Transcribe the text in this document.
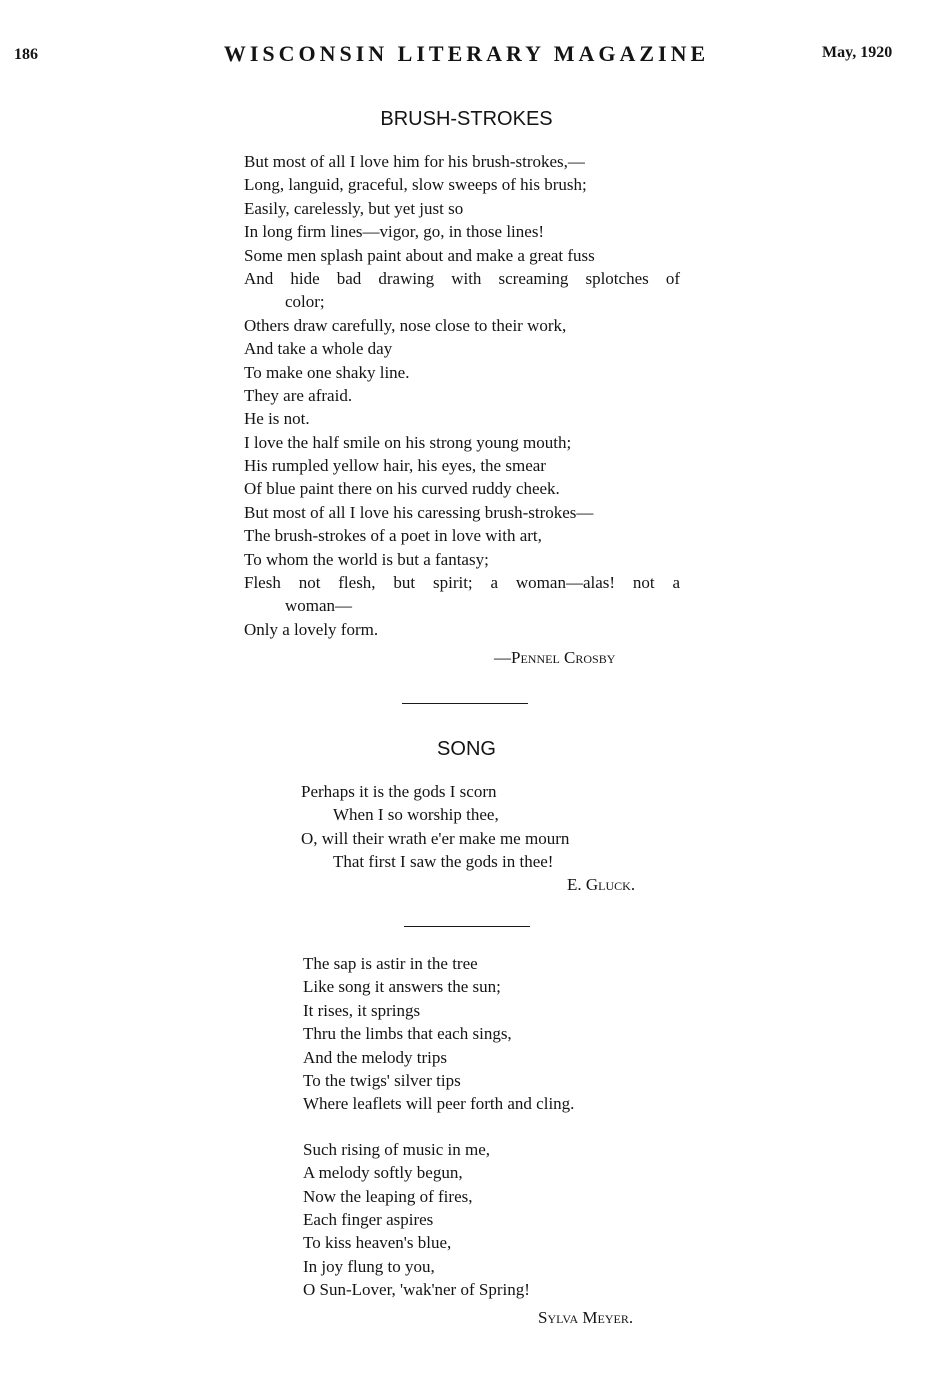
186	WISCONSIN LITERARY MAGAZINE	May, 1920
BRUSH-STROKES
But most of all I love him for his brush-strokes,—
Long, languid, graceful, slow sweeps of his brush;
Easily, carelessly, but yet just so
In long firm lines—vigor, go, in those lines!
Some men splash paint about and make a great fuss
And hide bad drawing with screaming splotches of
color;
Others draw carefully, nose close to their work,
And take a whole day
To make one shaky line.
They are afraid.
He is not.
I love the half smile on his strong young mouth;
His rumpled yellow hair, his eyes, the smear
Of blue paint there on his curved ruddy cheek.
But most of all I love his caressing brush-strokes—
The brush-strokes of a poet in love with art,
To whom the world is but a fantasy;
Flesh not flesh, but spirit; a woman—alas! not a
woman—
Only a lovely form.
—Pennel Crosby
SONG
Perhaps it is the gods I scorn
When I so worship thee,
O, will their wrath e'er make me mourn
That first I saw the gods in thee!
E. Gluck.
The sap is astir in the tree
Like song it answers the sun;
It rises, it springs
Thru the limbs that each sings,
And the melody trips
To the twigs' silver tips
Where leaflets will peer forth and cling.
Such rising of music in me,
A melody softly begun,
Now the leaping of fires,
Each finger aspires
To kiss heaven's blue,
In joy flung to you,
O Sun-Lover, 'wak'ner of Spring!
Sylva Meyer.
